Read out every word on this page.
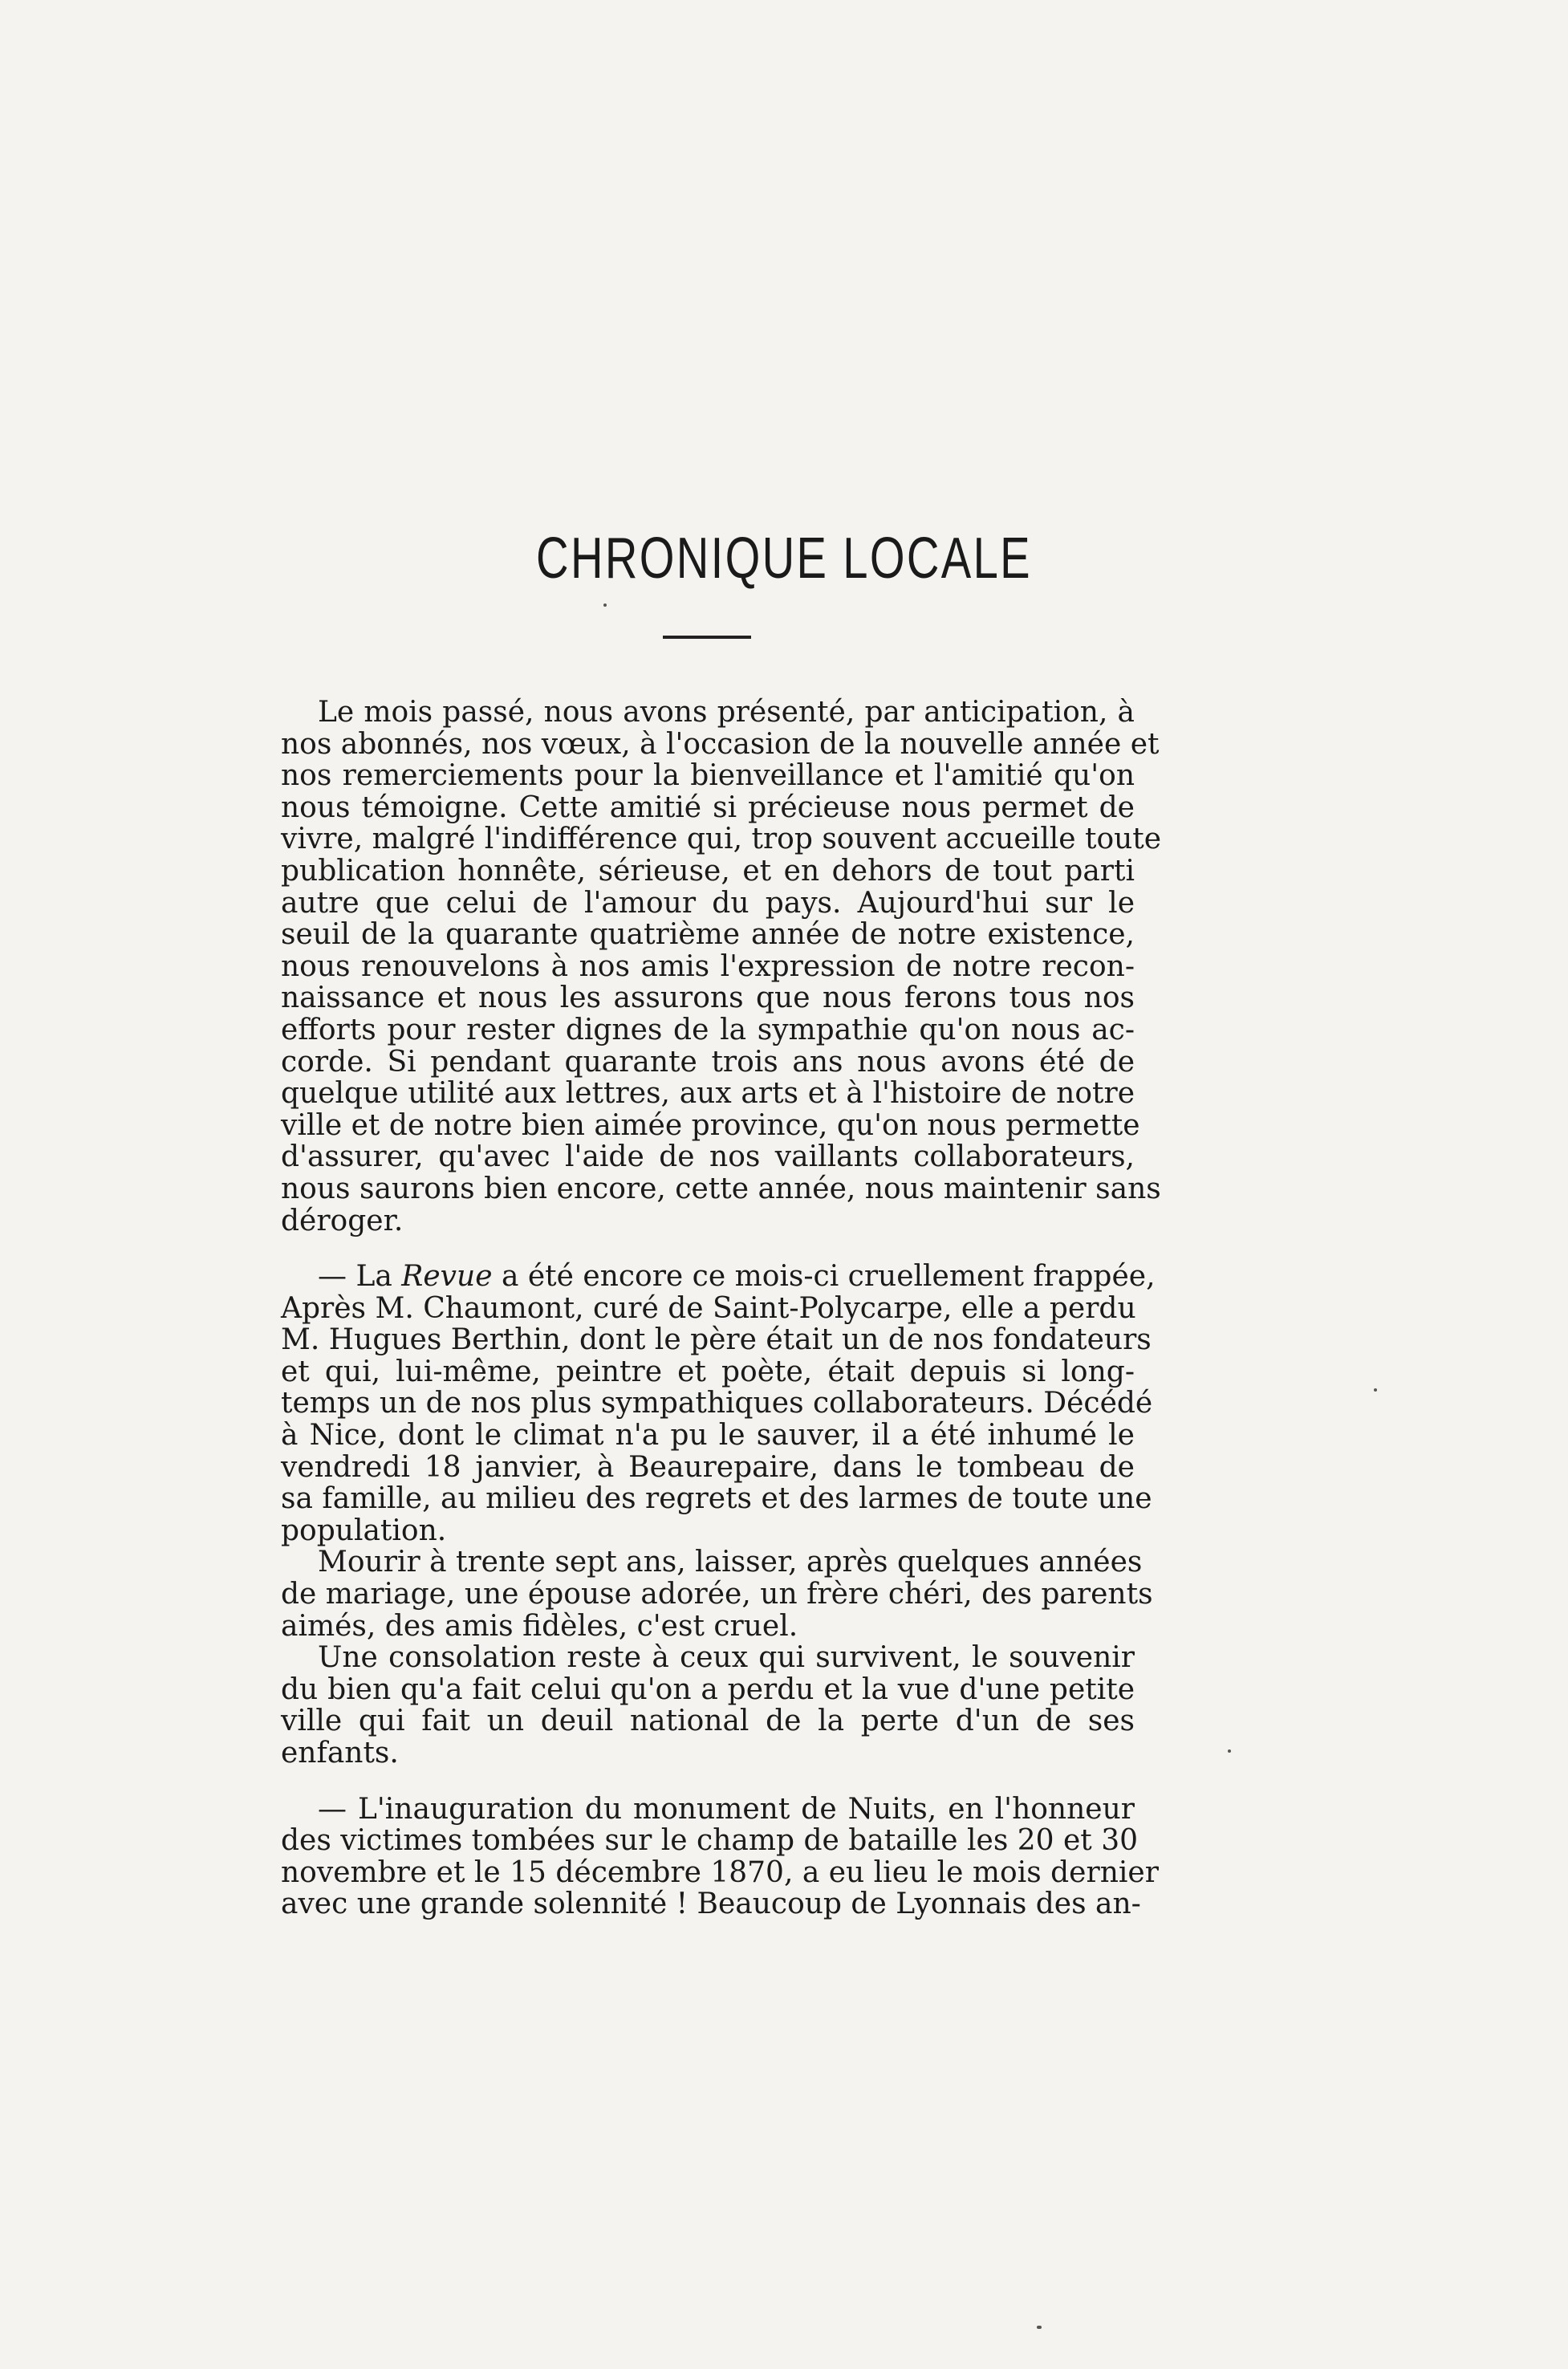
CHRONIQUE LOCALE
Le mois passé, nous avons présenté, par anticipation, à
nos abonnés, nos vœux, à l'occasion de la nouvelle année et
nos remerciements pour la bienveillance et l'amitié qu'on
nous témoigne. Cette amitié si précieuse nous permet de
vivre, malgré l'indifférence qui, trop souvent accueille toute
publication honnête, sérieuse, et en dehors de tout parti
autre que celui de l'amour du pays. Aujourd'hui sur le
seuil de la quarante quatrième année de notre existence,
nous renouvelons à nos amis l'expression de notre recon-
naissance et nous les assurons que nous ferons tous nos
efforts pour rester dignes de la sympathie qu'on nous ac-
corde. Si pendant quarante trois ans nous avons été de
quelque utilité aux lettres, aux arts et à l'histoire de notre
ville et de notre bien aimée province, qu'on nous permette
d'assurer, qu'avec l'aide de nos vaillants collaborateurs,
nous saurons bien encore, cette année, nous maintenir sans
déroger.
— La Revue a été encore ce mois-ci cruellement frappée,
Après M. Chaumont, curé de Saint-Polycarpe, elle a perdu
M. Hugues Berthin, dont le père était un de nos fondateurs
et qui, lui-même, peintre et poète, était depuis si long-
temps un de nos plus sympathiques collaborateurs. Décédé
à Nice, dont le climat n'a pu le sauver, il a été inhumé le
vendredi 18 janvier, à Beaurepaire, dans le tombeau de
sa famille, au milieu des regrets et des larmes de toute une
population.
Mourir à trente sept ans, laisser, après quelques années
de mariage, une épouse adorée, un frère chéri, des parents
aimés, des amis fidèles, c'est cruel.
Une consolation reste à ceux qui survivent, le souvenir
du bien qu'a fait celui qu'on a perdu et la vue d'une petite
ville qui fait un deuil national de la perte d'un de ses
enfants.
— L'inauguration du monument de Nuits, en l'honneur
des victimes tombées sur le champ de bataille les 20 et 30
novembre et le 15 décembre 1870, a eu lieu le mois dernier
avec une grande solennité ! Beaucoup de Lyonnais des an-
